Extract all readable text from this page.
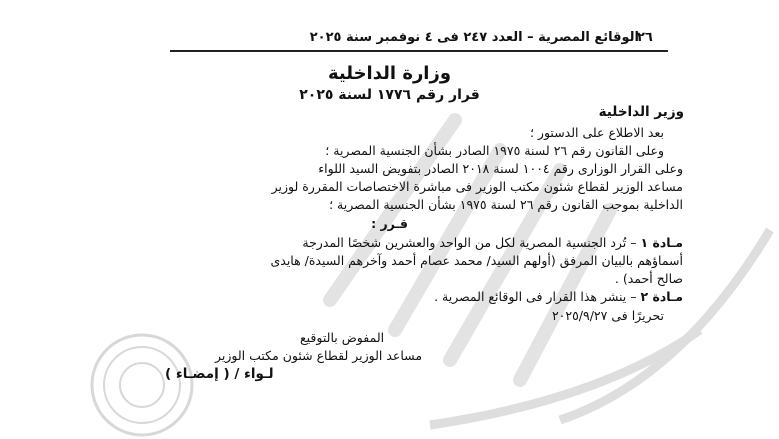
الوقائع المصرية – العدد ٢٤٧ فى ٤ نوفمبر سنة ٢٠٢٥
٢٦
وزارة الداخلية
قرار رقم ١٧٧٦ لسنة ٢٠٢٥
وزير الداخلية
بعد الاطلاع على الدستور ؛
وعلى القانون رقم ٢٦ لسنة ١٩٧٥ الصادر بشأن الجنسية المصرية ؛
وعلى القرار الوزارى رقم ١٠٠٤ لسنة ٢٠١٨ الصادر بتفويض السيد اللواء
مساعد الوزير لقطاع شئون مكتب الوزير فى مباشرة الاختصاصات المقررة لوزير
الداخلية بموجب القانون رقم ٢٦ لسنة ١٩٧٥ بشأن الجنسية المصرية ؛
قـرر :
مـادة ١ – تُرد الجنسية المصرية لكل من الواحد والعشرين شخصًا المدرجة
أسماؤهم بالبيان المرفق (أولهم السيد/ محمد عصام أحمد وآخرهم السيدة/ هايدى
صالح أحمد) .
مـادة ٢ – ينشر هذا القرار فى الوقائع المصرية .
تحريرًا فى ٢٠٢٥/٩/٢٧
المفوض بالتوقيع
مساعد الوزير لقطاع شئون مكتب الوزير
لـواء / ( إمضـاء )
